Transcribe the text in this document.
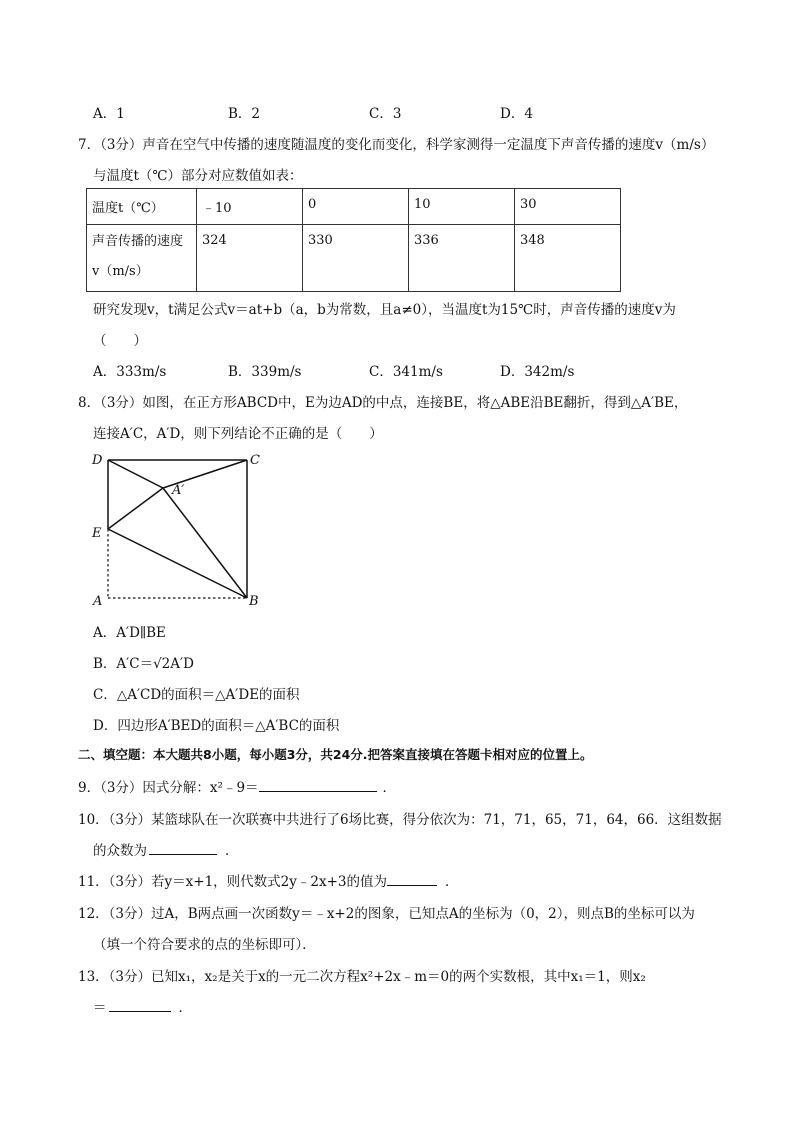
A．1	B．2	C．3	D．4
7．（3分）声音在空气中传播的速度随温度的变化而变化，科学家测得一定温度下声音传播的速度v（m/s）
与温度t（℃）部分对应数值如表：
温度t（℃）	﹣10	0	10	30

声音传播的速度
v（m/s）	324	330	336	348
研究发现v，t满足公式v＝at+b（a，b为常数，且a≠0），当温度t为15℃时，声音传播的速度v为
（　　）
A．333m/s	B．339m/s	C．341m/s	D．342m/s
8．（3分）如图，在正方形ABCD中，E为边AD的中点，连接BE，将△ABE沿BE翻折，得到△A′BE，
连接A′C，A′D，则下列结论不正确的是（　　）
D	C
A′
E
A	B
A．A′D∥BE
B．A′C＝√2A′D
C．△A′CD的面积＝△A′DE的面积
D．四边形A′BED的面积＝△A′BC的面积
二、填空题：本大题共8小题，每小题3分，共24分.把答案直接填在答题卡相对应的位置上。
9．（3分）因式分解：x²﹣9＝	．
10．（3分）某篮球队在一次联赛中共进行了6场比赛，得分依次为：71，71，65，71，64，66．这组数据
的众数为	．
11．（3分）若y＝x+1，则代数式2y﹣2x+3的值为	．
12．（3分）过A，B两点画一次函数y＝﹣x+2的图象，已知点A的坐标为（0，2），则点B的坐标可以为
（填一个符合要求的点的坐标即可）．
13．（3分）已知x₁，x₂是关于x的一元二次方程x²+2x﹣m＝0的两个实数根，其中x₁＝1，则x₂
＝	．
